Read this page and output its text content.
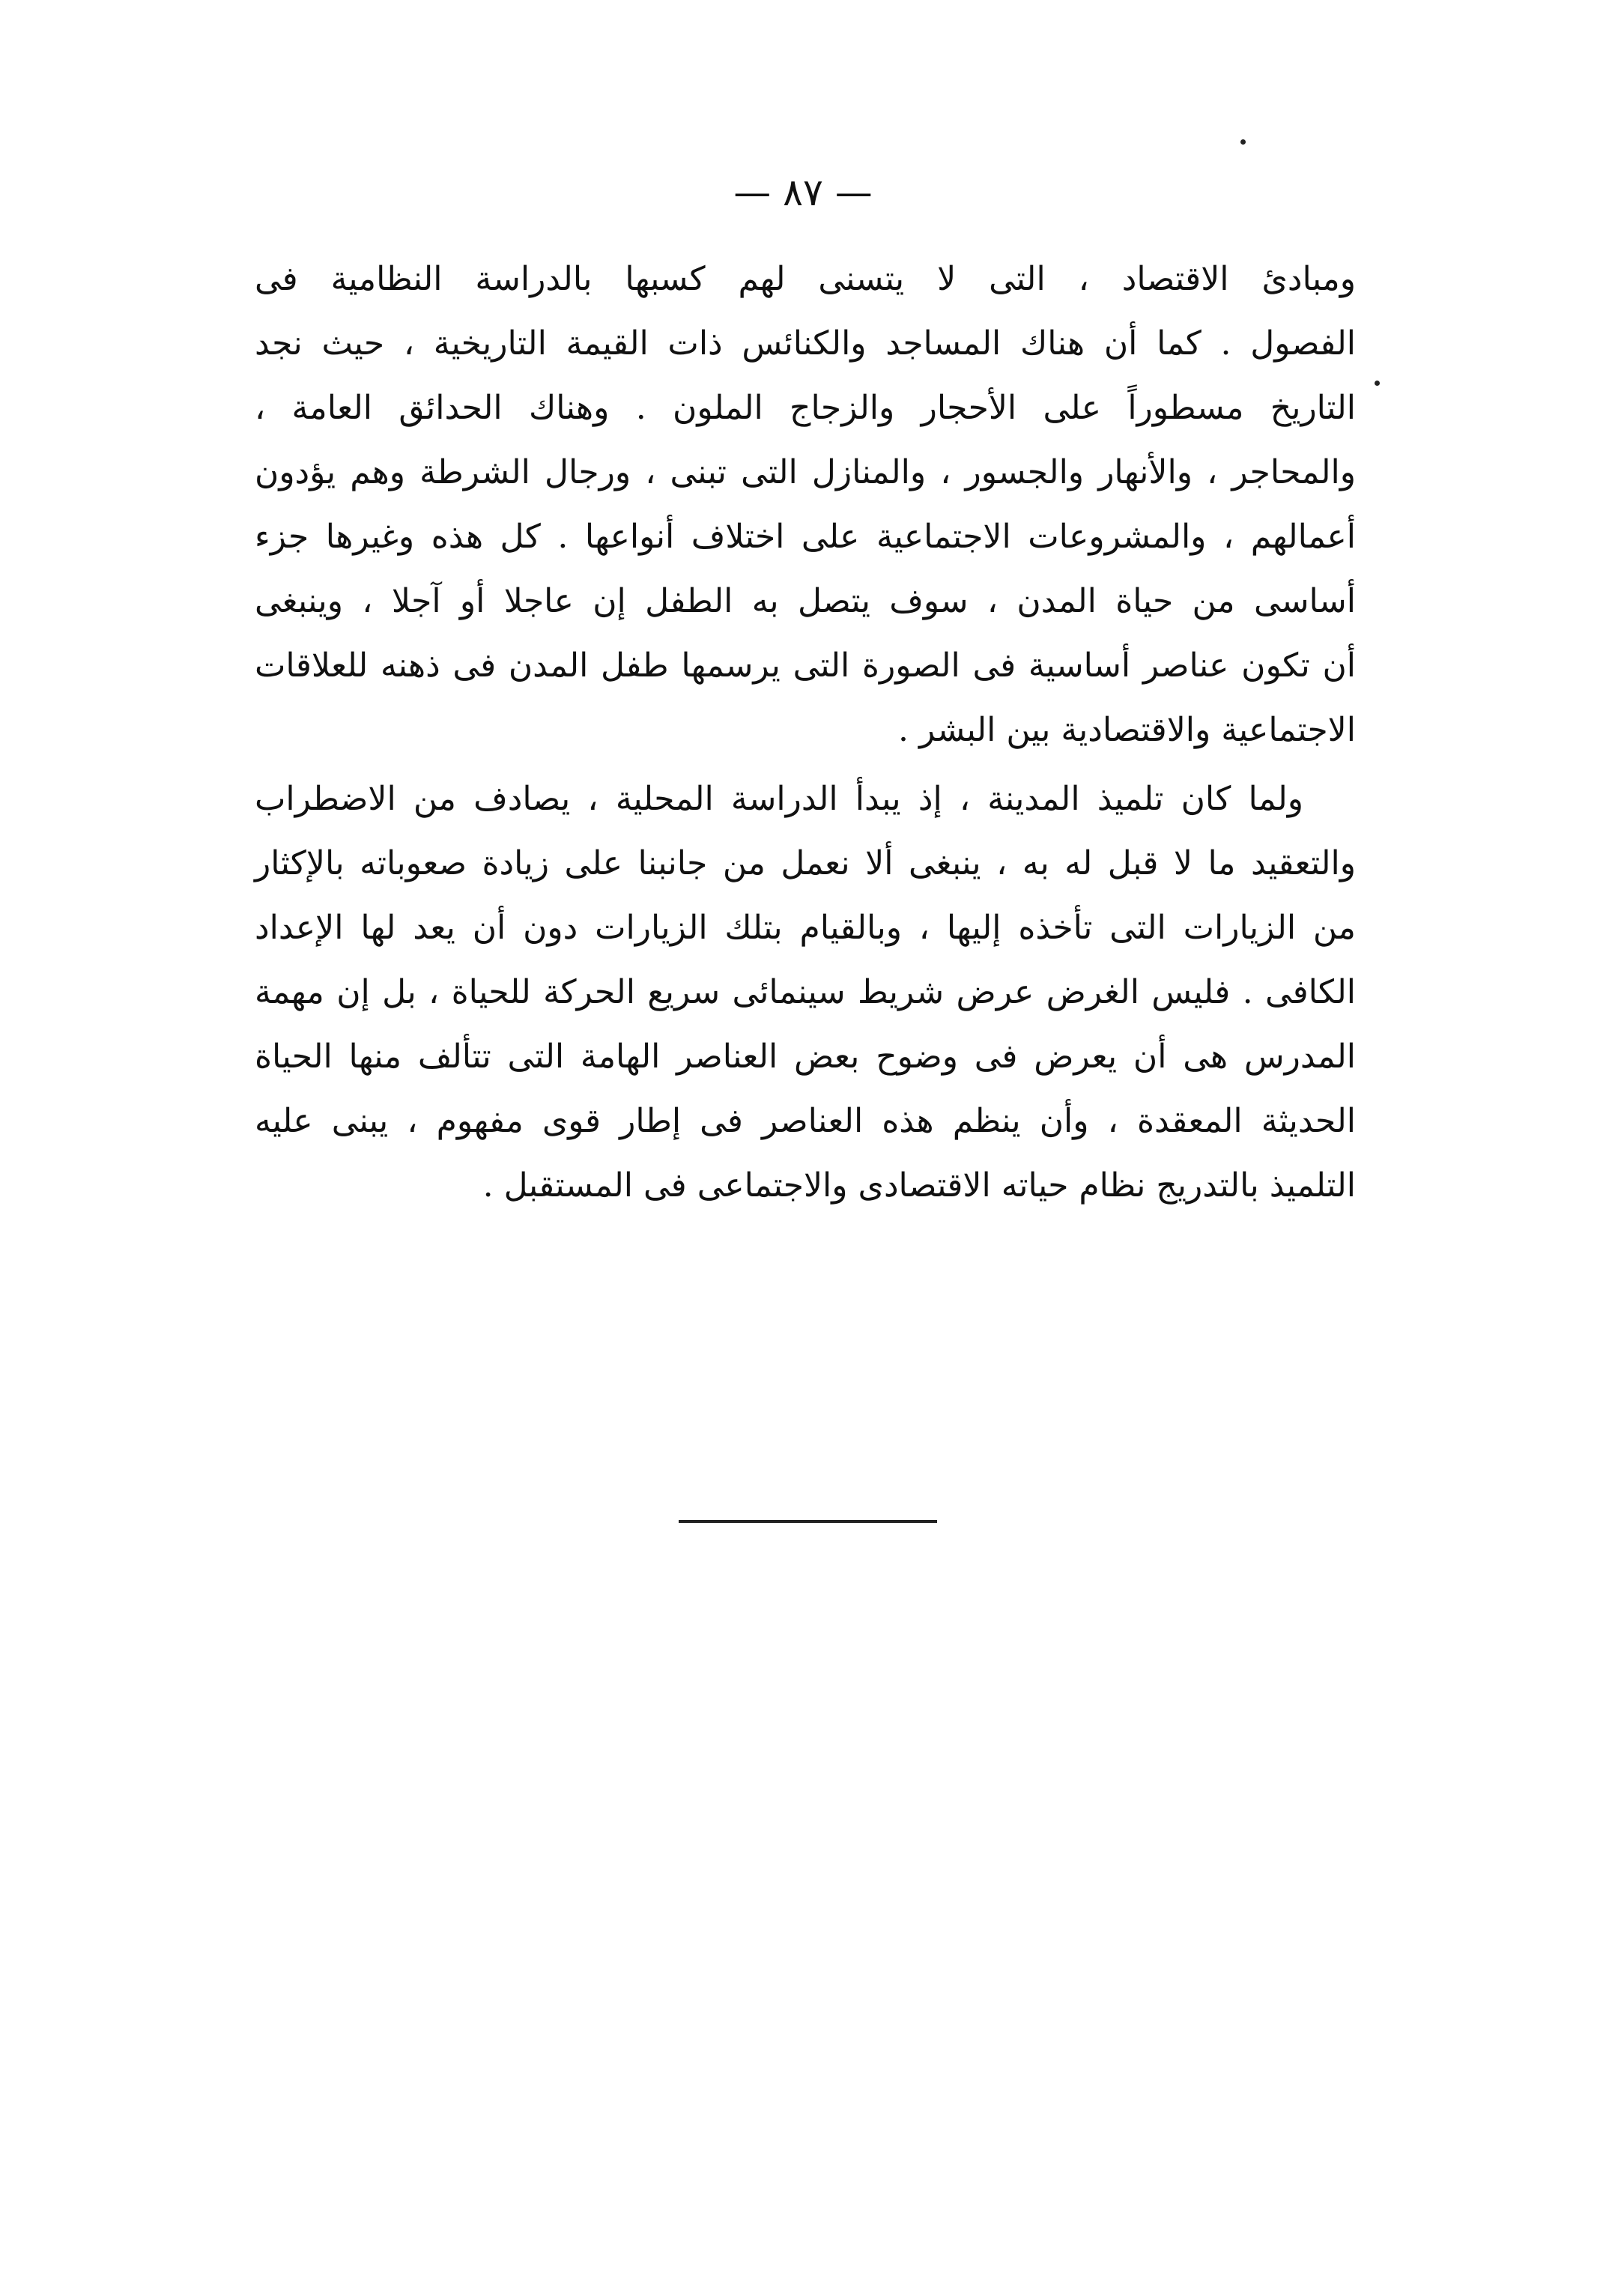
— ٨٧ —

ومبادئ الاقتصاد ، التى لا يتسنى لهم كسبها بالدراسة النظامية فى
الفصول . كما أن هناك المساجد والكنائس ذات القيمة التاريخية ، حيث نجد
التاريخ مسطوراً على الأحجار والزجاج الملون . وهناك الحدائق العامة ،
والمحاجر ، والأنهار والجسور ، والمنازل التى تبنى ، ورجال الشرطة وهم يؤدون
أعمالهم ، والمشروعات الاجتماعية على اختلاف أنواعها . كل هذه وغيرها جزء
أساسى من حياة المدن ، سوف يتصل به الطفل إن عاجلا أو آجلا ، وينبغى
أن تكون عناصر أساسية فى الصورة التى يرسمها طفل المدن فى ذهنه للعلاقات
الاجتماعية والاقتصادية بين البشر .

ولما كان تلميذ المدينة ، إذ يبدأ الدراسة المحلية ، يصادف من الاضطراب
والتعقيد ما لا قبل له به ، ينبغى ألا نعمل من جانبنا على زيادة صعوباته بالإكثار
من الزيارات التى تأخذه إليها ، وبالقيام بتلك الزيارات دون أن يعد لها الإعداد
الكافى . فليس الغرض عرض شريط سينمائى سريع الحركة للحياة ، بل إن مهمة
المدرس هى أن يعرض فى وضوح بعض العناصر الهامة التى تتألف منها الحياة
الحديثة المعقدة ، وأن ينظم هذه العناصر فى إطار قوى مفهوم ، يبنى عليه
التلميذ بالتدريج نظام حياته الاقتصادى والاجتماعى فى المستقبل .
